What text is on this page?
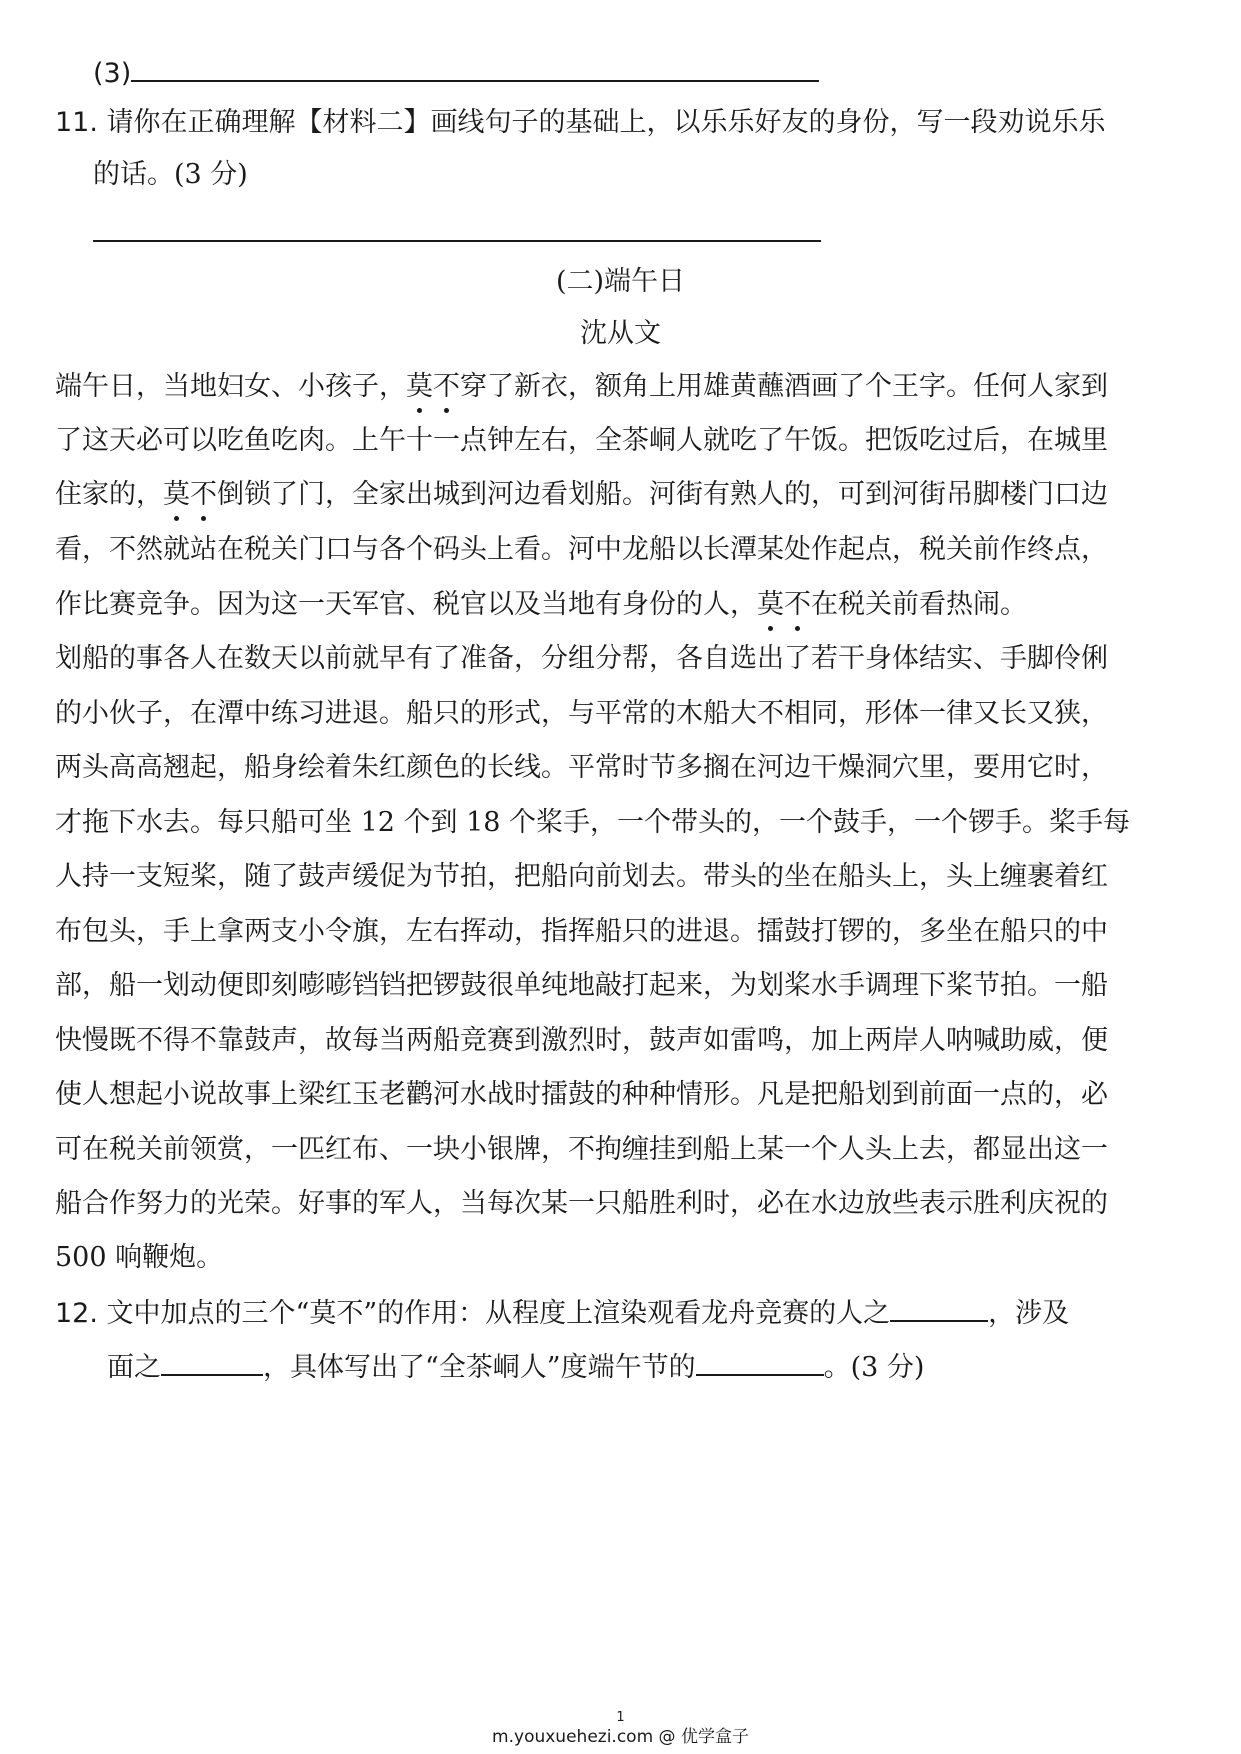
(3)
11. 请你在正确理解【材料二】画线句子的基础上，以乐乐好友的身份，写一段劝说乐乐
的话。(3 分)
(二)端午日
沈从文
端午日，当地妇女、小孩子，莫不穿了新衣，额角上用雄黄蘸酒画了个王字。任何人家到
了这天必可以吃鱼吃肉。上午十一点钟左右，全茶峒人就吃了午饭。把饭吃过后，在城里
住家的，莫不倒锁了门，全家出城到河边看划船。河街有熟人的，可到河街吊脚楼门口边
看，不然就站在税关门口与各个码头上看。河中龙船以长潭某处作起点，税关前作终点，
作比赛竞争。因为这一天军官、税官以及当地有身份的人，莫不在税关前看热闹。
划船的事各人在数天以前就早有了准备，分组分帮，各自选出了若干身体结实、手脚伶俐
的小伙子，在潭中练习进退。船只的形式，与平常的木船大不相同，形体一律又长又狭，
两头高高翘起，船身绘着朱红颜色的长线。平常时节多搁在河边干燥洞穴里，要用它时，
才拖下水去。每只船可坐 12 个到 18 个桨手，一个带头的，一个鼓手，一个锣手。桨手每
人持一支短桨，随了鼓声缓促为节拍，把船向前划去。带头的坐在船头上，头上缠裹着红
布包头，手上拿两支小令旗，左右挥动，指挥船只的进退。擂鼓打锣的，多坐在船只的中
部，船一划动便即刻嘭嘭铛铛把锣鼓很单纯地敲打起来，为划桨水手调理下桨节拍。一船
快慢既不得不靠鼓声，故每当两船竞赛到激烈时，鼓声如雷鸣，加上两岸人呐喊助威，便
使人想起小说故事上梁红玉老鹳河水战时擂鼓的种种情形。凡是把船划到前面一点的，必
可在税关前领赏，一匹红布、一块小银牌，不拘缠挂到船上某一个人头上去，都显出这一
船合作努力的光荣。好事的军人，当每次某一只船胜利时，必在水边放些表示胜利庆祝的
500 响鞭炮。
12. 文中加点的三个“莫不”的作用：从程度上渲染观看龙舟竞赛的人之	，涉及
面之	，具体写出了“全茶峒人”度端午节的	。(3 分)
1
m.youxuehezi.com @ 优学盒子
